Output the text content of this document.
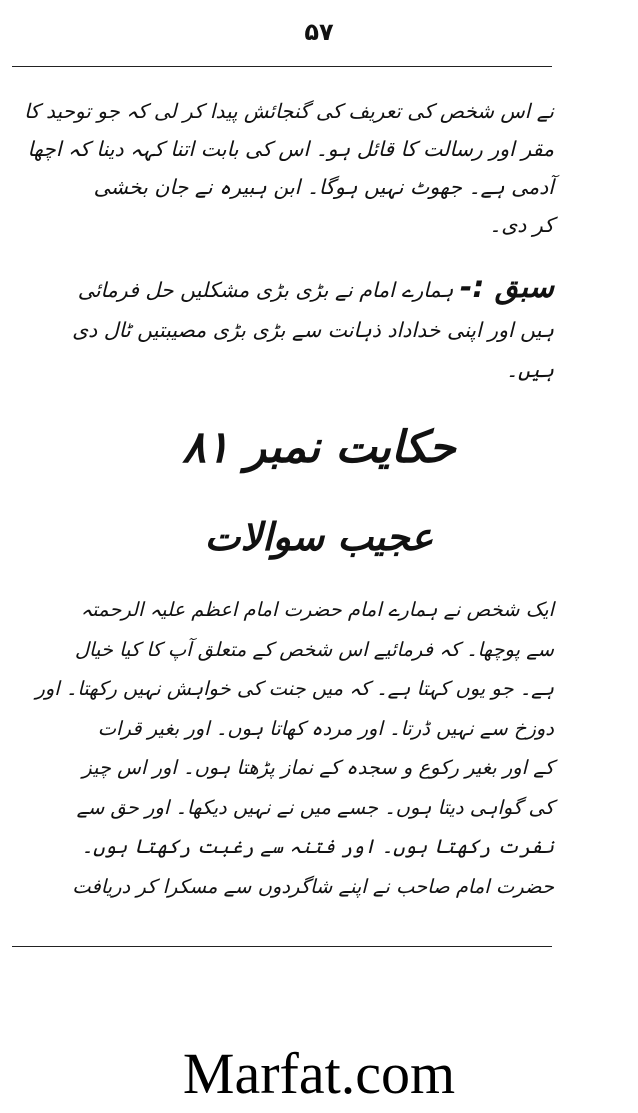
۵۷
نے اس شخص کی تعریف کی گنجائش پیدا کر لی کہ جو توحید کا
مقر اور رسالت کا قائل ہو۔ اس کی بابت اتنا کہہ دینا کہ اچھا
آدمی ہے۔ جھوٹ نہیں ہوگا۔ ابن ہبیرہ نے جان بخشی
کر دی۔
سبق :- ہمارے امام نے بڑی بڑی مشکلیں حل فرمائی
ہیں اور اپنی خداداد ذہانت سے بڑی بڑی مصیبتیں ٹال دی
ہیں۔
حکایت نمبر ۸۱
عجیب سوالات
ایک شخص نے ہمارے امام حضرت امام اعظم علیہ الرحمتہ
سے پوچھا۔ کہ فرمائیے اس شخص کے متعلق آپ کا کیا خیال
ہے۔ جو یوں کہتا ہے۔ کہ میں جنت کی خواہش نہیں رکھتا۔ اور
دوزخ سے نہیں ڈرتا۔ اور مردہ کھاتا ہوں۔ اور بغیر قرات
کے اور بغیر رکوع و سجدہ کے نماز پڑھتا ہوں۔ اور اس چیز
کی گواہی دیتا ہوں۔ جسے میں نے نہیں دیکھا۔ اور حق سے
نفرت رکھتا ہوں۔ اور فتنہ سے رغبت رکھتا ہوں۔
حضرت امام صاحب نے اپنے شاگردوں سے مسکرا کر دریافت
Marfat.com
